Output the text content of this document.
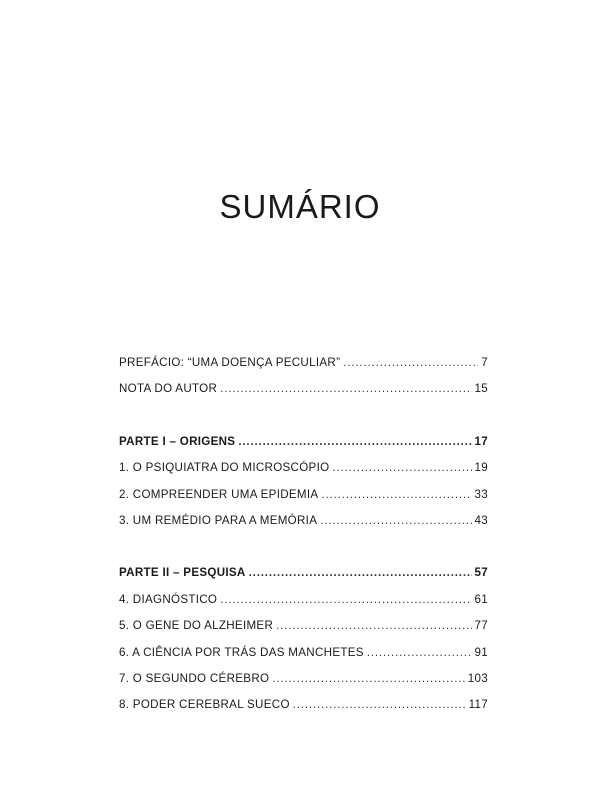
SUMÁRIO
PREFÁCIO: “UMA DOENÇA PECULIAR” . . .	7
NOTA DO AUTOR . . .	15
PARTE I – ORIGENS . . .	17
1. O PSIQUIATRA DO MICROSCÓPIO . . .	19
2. COMPREENDER UMA EPIDEMIA . . .	33
3. UM REMÉDIO PARA A MEMÓRIA . . .	43
PARTE II – PESQUISA . . .	57
4. DIAGNÓSTICO . . .	61
5. O GENE DO ALZHEIMER . . .	77
6. A CIÊNCIA POR TRÁS DAS MANCHETES . . .	91
7. O SEGUNDO CÉREBRO . . .	103
8. PODER CEREBRAL SUECO . . .	117
